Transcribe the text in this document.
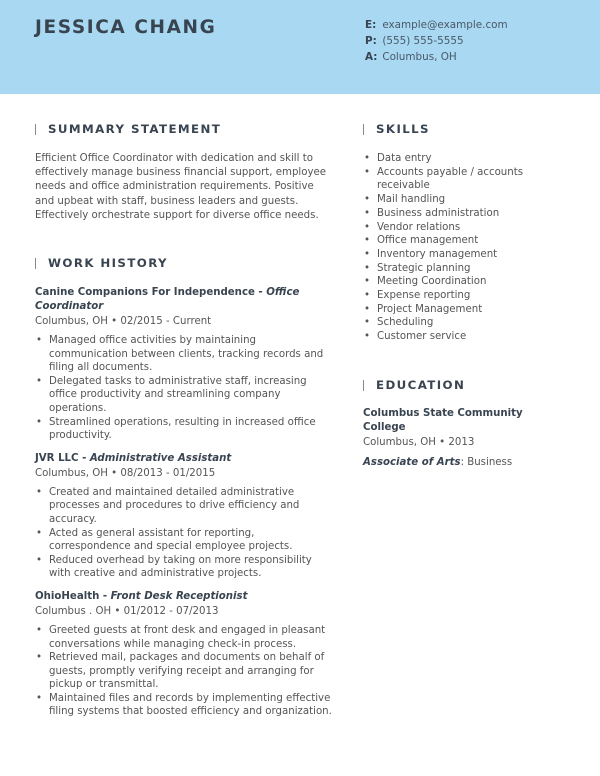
JESSICA CHANG	E: example@example.com
P: (555) 555-5555
A: Columbus, OH
SUMMARY STATEMENT
Efficient Office Coordinator with dedication and skill to effectively manage business financial support, employee needs and office administration requirements. Positive and upbeat with staff, business leaders and guests. Effectively orchestrate support for diverse office needs.
WORK HISTORY
Canine Companions For Independence - Office Coordinator
Columbus, OH • 02/2015 - Current
• Managed office activities by maintaining communication between clients, tracking records and filing all documents.
• Delegated tasks to administrative staff, increasing office productivity and streamlining company operations.
• Streamlined operations, resulting in increased office productivity.
JVR LLC - Administrative Assistant
Columbus, OH • 08/2013 - 01/2015
• Created and maintained detailed administrative processes and procedures to drive efficiency and accuracy.
• Acted as general assistant for reporting, correspondence and special employee projects.
• Reduced overhead by taking on more responsibility with creative and administrative projects.
OhioHealth - Front Desk Receptionist
Columbus . OH • 01/2012 - 07/2013
• Greeted guests at front desk and engaged in pleasant conversations while managing check-in process.
• Retrieved mail, packages and documents on behalf of guests, promptly verifying receipt and arranging for pickup or transmittal.
• Maintained files and records by implementing effective filing systems that boosted efficiency and organization.
SKILLS
• Data entry
• Accounts payable / accounts receivable
• Mail handling
• Business administration
• Vendor relations
• Office management
• Inventory management
• Strategic planning
• Meeting Coordination
• Expense reporting
• Project Management
• Scheduling
• Customer service
EDUCATION
Columbus State Community College
Columbus, OH • 2013
Associate of Arts: Business
